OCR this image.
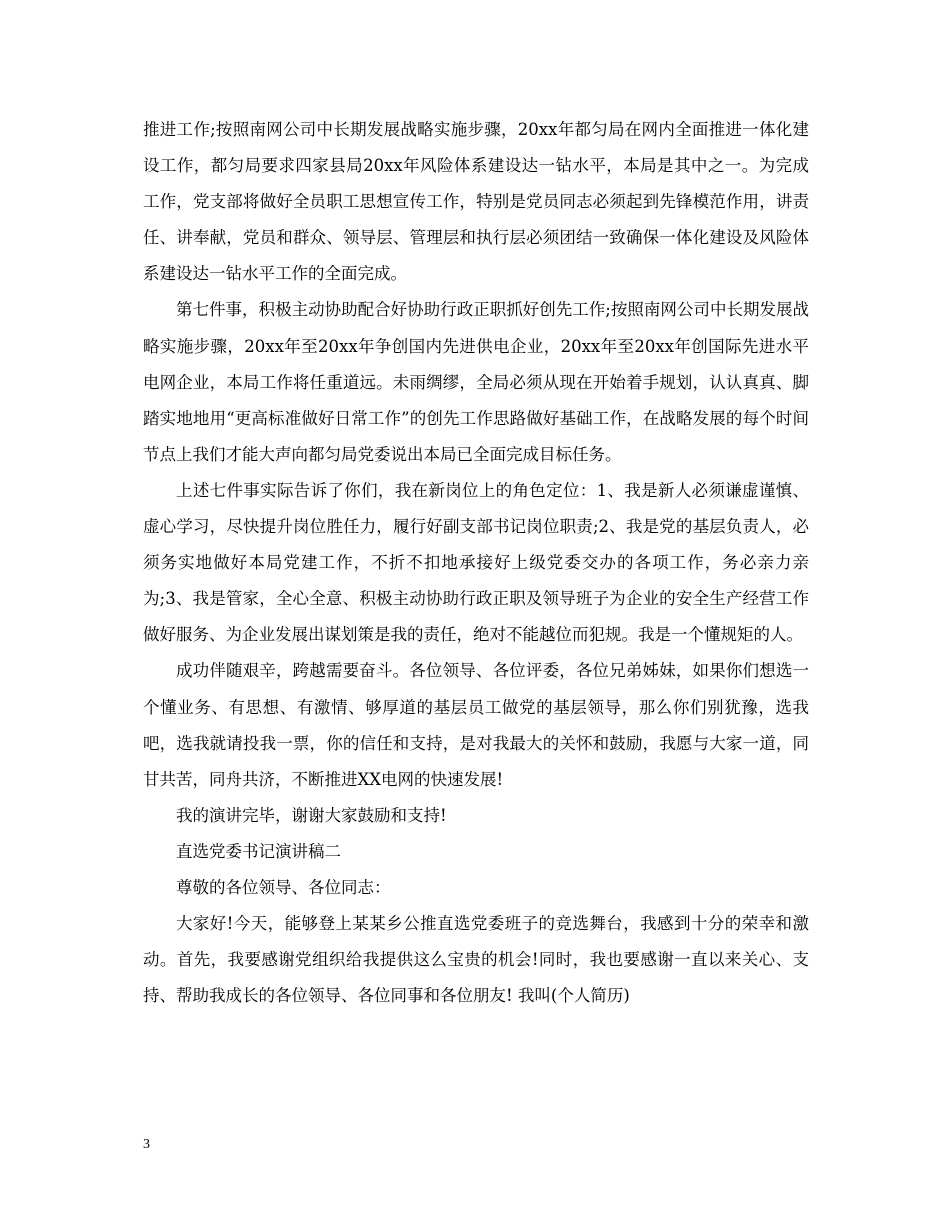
推进工作;按照南网公司中长期发展战略实施步骤，20xx年都匀局在网内全面推进一体化建设工作，都匀局要求四家县局20xx年风险体系建设达一钻水平，本局是其中之一。为完成工作，党支部将做好全员职工思想宣传工作，特别是党员同志必须起到先锋模范作用，讲责任、讲奉献，党员和群众、领导层、管理层和执行层必须团结一致确保一体化建设及风险体系建设达一钻水平工作的全面完成。

第七件事，积极主动协助配合好协助行政正职抓好创先工作;按照南网公司中长期发展战略实施步骤，20xx年至20xx年争创国内先进供电企业，20xx年至20xx年创国际先进水平电网企业，本局工作将任重道远。未雨绸缪，全局必须从现在开始着手规划，认认真真、脚踏实地地用“更高标准做好日常工作”的创先工作思路做好基础工作，在战略发展的每个时间节点上我们才能大声向都匀局党委说出本局已全面完成目标任务。

上述七件事实际告诉了你们，我在新岗位上的角色定位：1、我是新人必须谦虚谨慎、虚心学习，尽快提升岗位胜任力，履行好副支部书记岗位职责;2、我是党的基层负责人，必须务实地做好本局党建工作，不折不扣地承接好上级党委交办的各项工作，务必亲力亲为;3、我是管家，全心全意、积极主动协助行政正职及领导班子为企业的安全生产经营工作做好服务、为企业发展出谋划策是我的责任，绝对不能越位而犯规。我是一个懂规矩的人。

成功伴随艰辛，跨越需要奋斗。各位领导、各位评委，各位兄弟姊妹，如果你们想选一个懂业务、有思想、有激情、够厚道的基层员工做党的基层领导，那么你们别犹豫，选我吧，选我就请投我一票，你的信任和支持，是对我最大的关怀和鼓励，我愿与大家一道，同甘共苦，同舟共济，不断推进XX电网的快速发展!

我的演讲完毕，谢谢大家鼓励和支持!

直选党委书记演讲稿二

尊敬的各位领导、各位同志：

大家好!今天，能够登上某某乡公推直选党委班子的竞选舞台，我感到十分的荣幸和激动。首先，我要感谢党组织给我提供这么宝贵的机会!同时，我也要感谢一直以来关心、支持、帮助我成长的各位领导、各位同事和各位朋友! 我叫(个人简历)

3
